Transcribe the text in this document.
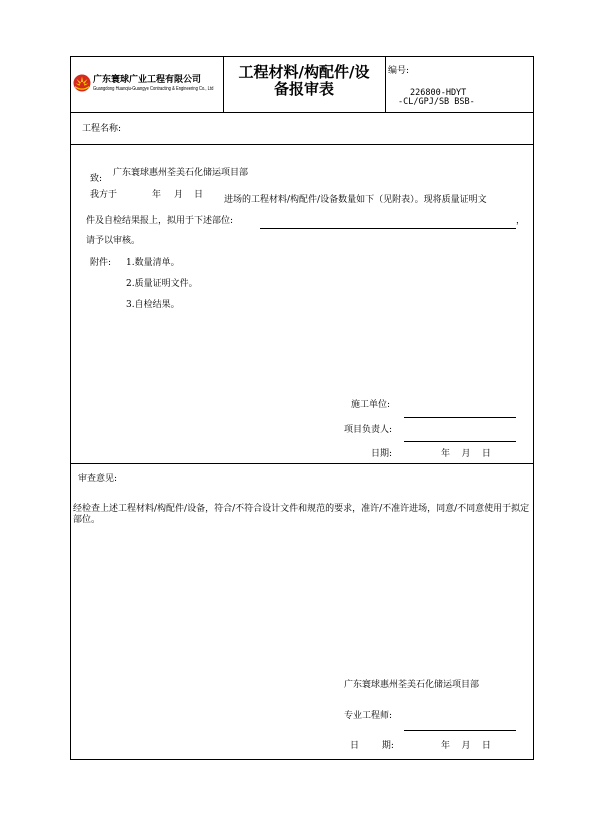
广东寰球广业工程有限公司
Guangdong Huanqiu-Guangye Contracting & Engineering Co., Ltd
工程材料/构配件/设
备报审表
编号:
226800-HDYT
-CL/GPJ/SB BSB-
工程名称:
致:
广东寰球惠州荃美石化储运项目部
我方于	年 月 日 进场的工程材料/构配件/设备数量如下（见附表）。现将质量证明文
件及自检结果报上，拟用于下述部位:	，
请予以审核。
附件: 1.数量清单。
2.质量证明文件。
3.自检结果。
施工单位:
项目负责人:
日期:	年    月    日
审查意见:
经检查上述工程材料/构配件/设备，符合/不符合设计文件和规范的要求，准许/不准许进场，同意/不同意使用于拟定部位。
广东寰球惠州荃美石化储运项目部
专业工程师:
日        期:	年    月    日
